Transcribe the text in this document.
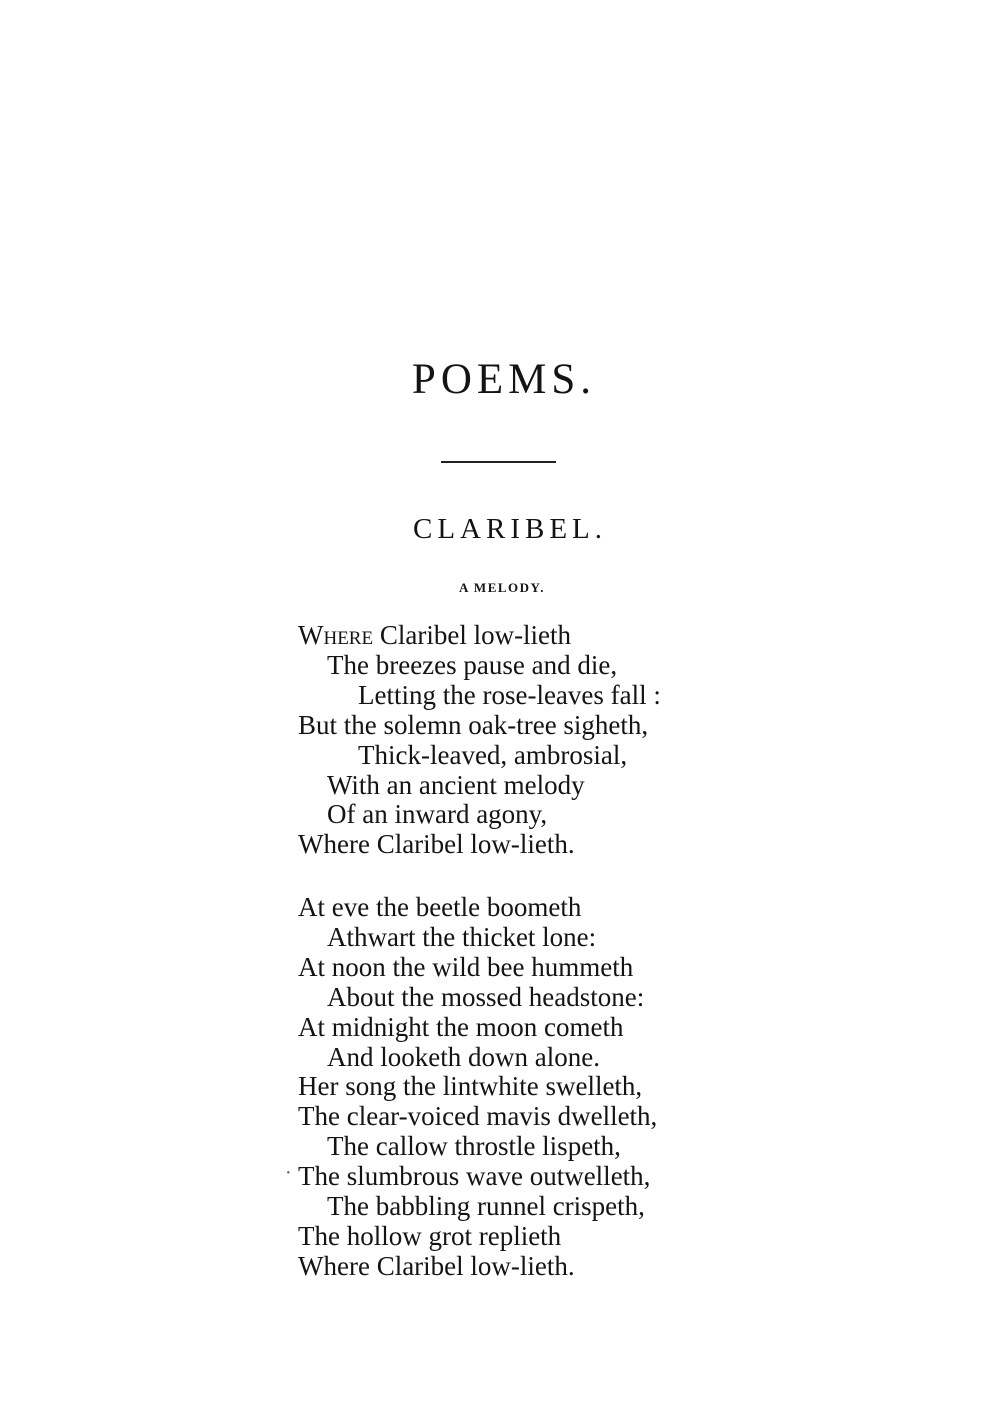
POEMS.
CLARIBEL.
A MELODY.
Where Claribel low-lieth
The breezes pause and die,
Letting the rose-leaves fall :
But the solemn oak-tree sigheth,
Thick-leaved, ambrosial,
With an ancient melody
Of an inward agony,
Where Claribel low-lieth.
At eve the beetle boometh
Athwart the thicket lone:
At noon the wild bee hummeth
About the mossed headstone:
At midnight the moon cometh
And looketh down alone.
Her song the lintwhite swelleth,
The clear-voiced mavis dwelleth,
The callow throstle lispeth,
The slumbrous wave outwelleth,
The babbling runnel crispeth,
The hollow grot replieth
Where Claribel low-lieth.
·
